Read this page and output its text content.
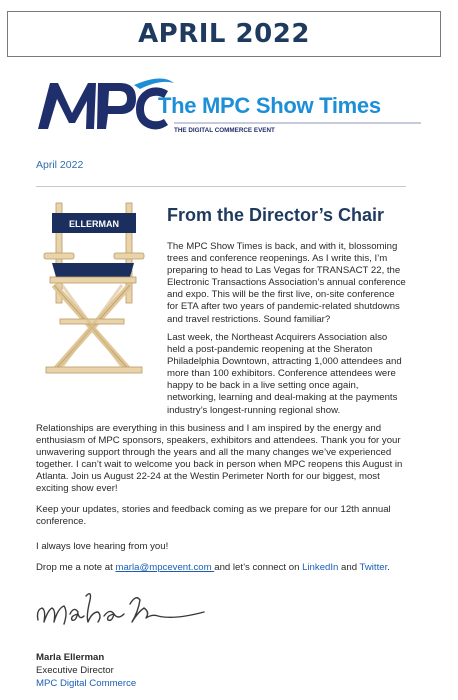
APRIL 2022
The MPC Show Times
THE DIGITAL COMMERCE EVENT
April 2022
ELLERMAN	From the Director’s Chair
The MPC Show Times is back, and with it, blossoming trees and conference reopenings. As I write this, I’m preparing to head to Las Vegas for TRANSACT 22, the Electronic Transactions Association’s annual conference and expo. This will be the first live, on-site conference for ETA after two years of pandemic-related shutdowns and travel restrictions. Sound familiar?
Last week, the Northeast Acquirers Association also held a post-pandemic reopening at the Sheraton Philadelphia Downtown, attracting 1,000 attendees and more than 100 exhibitors. Conference attendees were happy to be back in a live setting once again, networking, learning and deal-making at the payments industry’s longest-running regional show.
Relationships are everything in this business and I am inspired by the energy and enthusiasm of MPC sponsors, speakers, exhibitors and attendees. Thank you for your unwavering support through the years and all the many changes we’ve experienced together. I can’t wait to welcome you back in person when MPC reopens this August in Atlanta. Join us August 22-24 at the Westin Perimeter North for our biggest, most exciting show ever!
Keep your updates, stories and feedback coming as we prepare for our 12th annual conference.
I always love hearing from you!
Drop me a note at marla@mpcevent.com and let’s connect on LinkedIn and Twitter.
Marla Ellerman
Executive Director
MPC Digital Commerce
